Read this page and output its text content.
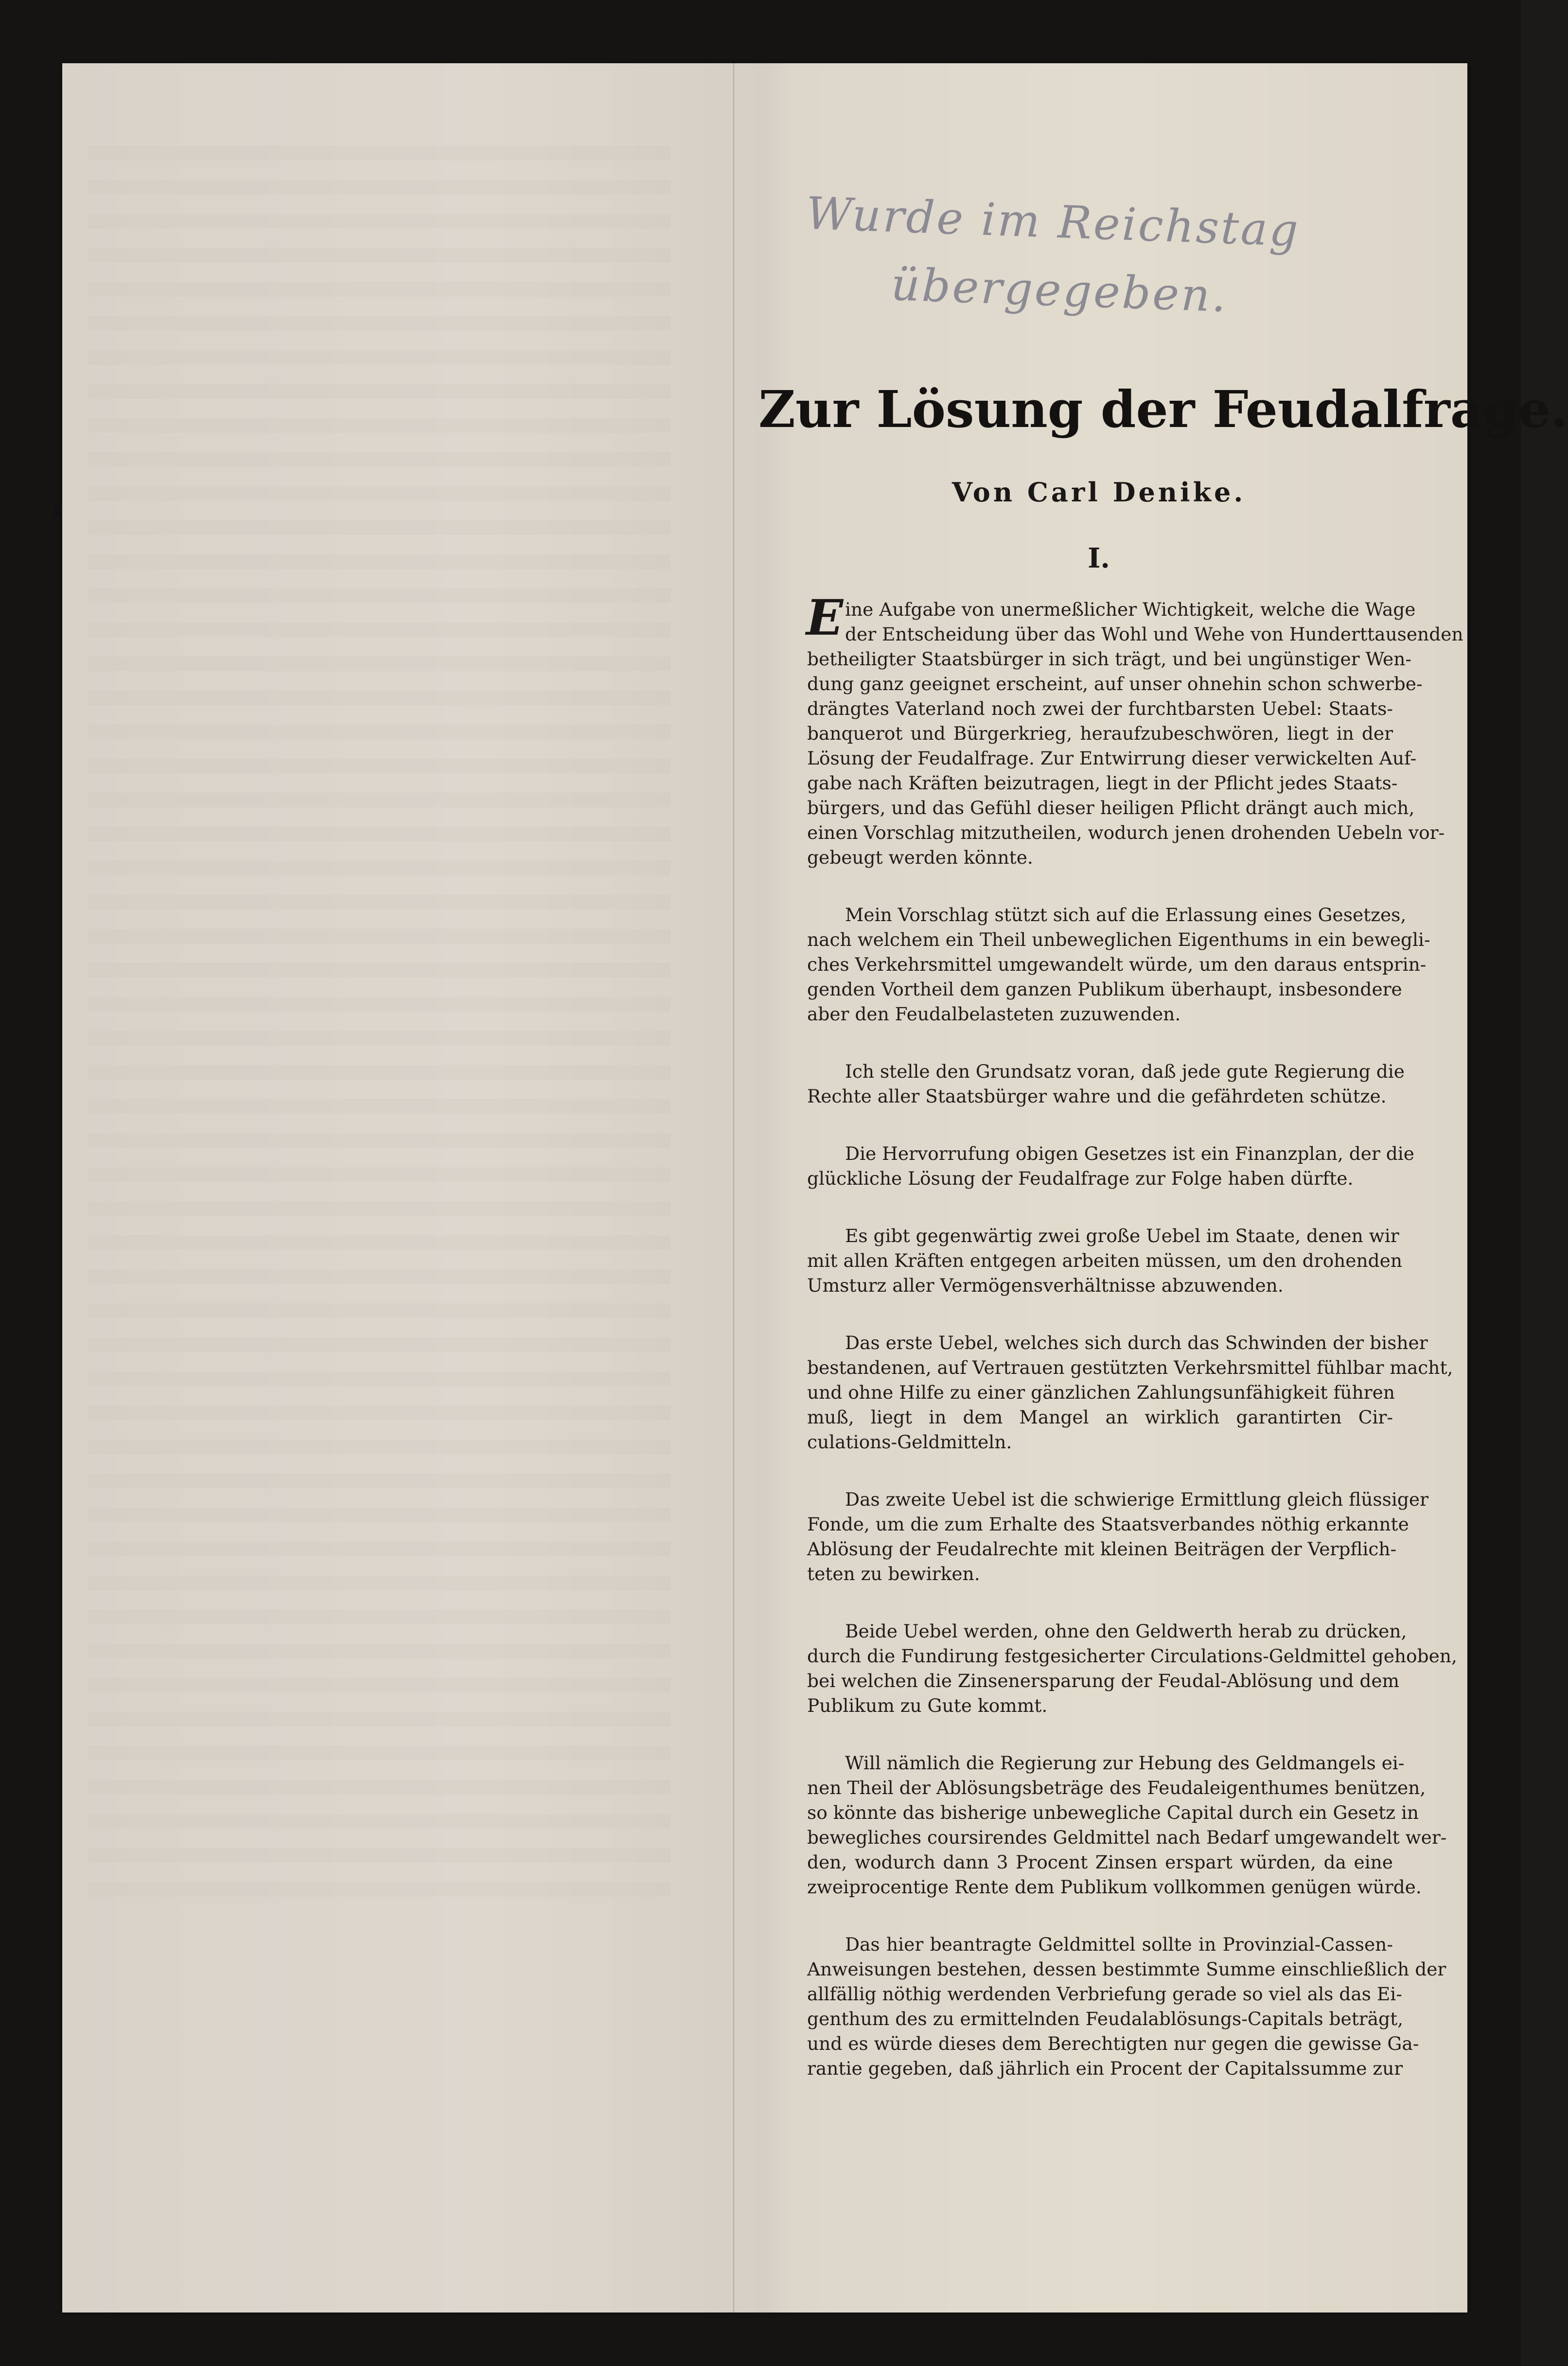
Wurde im Reichstag
übergegeben.
Zur Lösung der Feudalfrage.
Von Carl Denike.
I.
E ine Aufgabe von unermeßlicher Wichtigkeit, welche die Wage
der Entscheidung über das Wohl und Wehe von Hunderttausenden
betheiligter Staatsbürger in sich trägt, und bei ungünstiger Wen-
dung ganz geeignet erscheint, auf unser ohnehin schon schwerbe-
drängtes Vaterland noch zwei der furchtbarsten Uebel: Staats-
banquerot und Bürgerkrieg, heraufzubeschwören, liegt in der
Lösung der Feudalfrage. Zur Entwirrung dieser verwickelten Auf-
gabe nach Kräften beizutragen, liegt in der Pflicht jedes Staats-
bürgers, und das Gefühl dieser heiligen Pflicht drängt auch mich,
einen Vorschlag mitzutheilen, wodurch jenen drohenden Uebeln vor-
gebeugt werden könnte.
Mein Vorschlag stützt sich auf die Erlassung eines Gesetzes,
nach welchem ein Theil unbeweglichen Eigenthums in ein bewegli-
ches Verkehrsmittel umgewandelt würde, um den daraus entsprin-
genden Vortheil dem ganzen Publikum überhaupt, insbesondere
aber den Feudalbelasteten zuzuwenden.
Ich stelle den Grundsatz voran, daß jede gute Regierung die
Rechte aller Staatsbürger wahre und die gefährdeten schütze.
Die Hervorrufung obigen Gesetzes ist ein Finanzplan, der die
glückliche Lösung der Feudalfrage zur Folge haben dürfte.
Es gibt gegenwärtig zwei große Uebel im Staate, denen wir
mit allen Kräften entgegen arbeiten müssen, um den drohenden
Umsturz aller Vermögensverhältnisse abzuwenden.
Das erste Uebel, welches sich durch das Schwinden der bisher
bestandenen, auf Vertrauen gestützten Verkehrsmittel fühlbar macht,
und ohne Hilfe zu einer gänzlichen Zahlungsunfähigkeit führen
muß, liegt in dem Mangel an wirklich garantirten Cir-
culations-Geldmitteln.
Das zweite Uebel ist die schwierige Ermittlung gleich flüssiger
Fonde, um die zum Erhalte des Staatsverbandes nöthig erkannte
Ablösung der Feudalrechte mit kleinen Beiträgen der Verpflich-
teten zu bewirken.
Beide Uebel werden, ohne den Geldwerth herab zu drücken,
durch die Fundirung festgesicherter Circulations-Geldmittel gehoben,
bei welchen die Zinsenersparung der Feudal-Ablösung und dem
Publikum zu Gute kommt.
Will nämlich die Regierung zur Hebung des Geldmangels ei-
nen Theil der Ablösungsbeträge des Feudaleigenthumes benützen,
so könnte das bisherige unbewegliche Capital durch ein Gesetz in
bewegliches coursirendes Geldmittel nach Bedarf umgewandelt wer-
den, wodurch dann 3 Procent Zinsen erspart würden, da eine
zweiprocentige Rente dem Publikum vollkommen genügen würde.
Das hier beantragte Geldmittel sollte in Provinzial-Cassen-
Anweisungen bestehen, dessen bestimmte Summe einschließlich der
allfällig nöthig werdenden Verbriefung gerade so viel als das Ei-
genthum des zu ermittelnden Feudalablösungs-Capitals beträgt,
und es würde dieses dem Berechtigten nur gegen die gewisse Ga-
rantie gegeben, daß jährlich ein Procent der Capitalssumme zur
